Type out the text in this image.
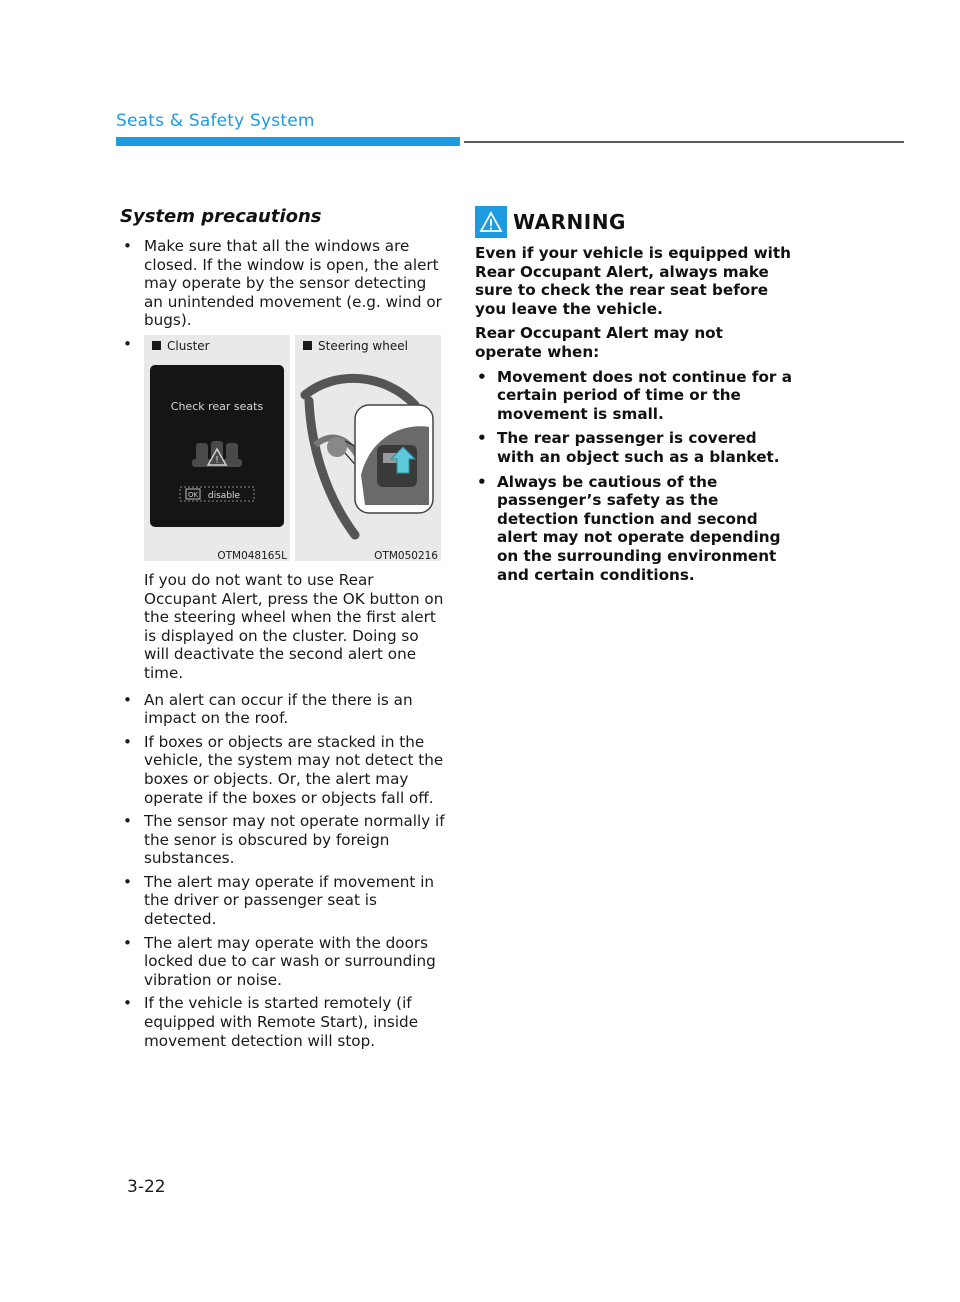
Seats & Safety System
System precautions
• Make sure that all the windows are closed. If the window is open, the alert may operate by the sensor detecting an unintended movement (e.g. wind or bugs).
•	Cluster
Check rear seats
!
OK disable
OTM048165L
Steering wheel
OTM050216

If you do not want to use Rear Occupant Alert, press the OK button on the steering wheel when the first alert is displayed on the cluster. Doing so will deactivate the second alert one time.

• An alert can occur if the there is an impact on the roof.
• If boxes or objects are stacked in the vehicle, the system may not detect the boxes or objects. Or, the alert may operate if the boxes or objects fall off.
• The sensor may not operate normally if the senor is obscured by foreign substances.
• The alert may operate if movement in the driver or passenger seat is detected.
• The alert may operate with the doors locked due to car wash or surrounding vibration or noise.
• If the vehicle is started remotely (if equipped with Remote Start), inside movement detection will stop.
WARNING

Even if your vehicle is equipped with Rear Occupant Alert, always make sure to check the rear seat before you leave the vehicle.

Rear Occupant Alert may not operate when:

• Movement does not continue for a certain period of time or the movement is small.
• The rear passenger is covered with an object such as a blanket.
• Always be cautious of the passenger’s safety as the detection function and second alert may not operate depending on the surrounding environment and certain conditions.
3-22
